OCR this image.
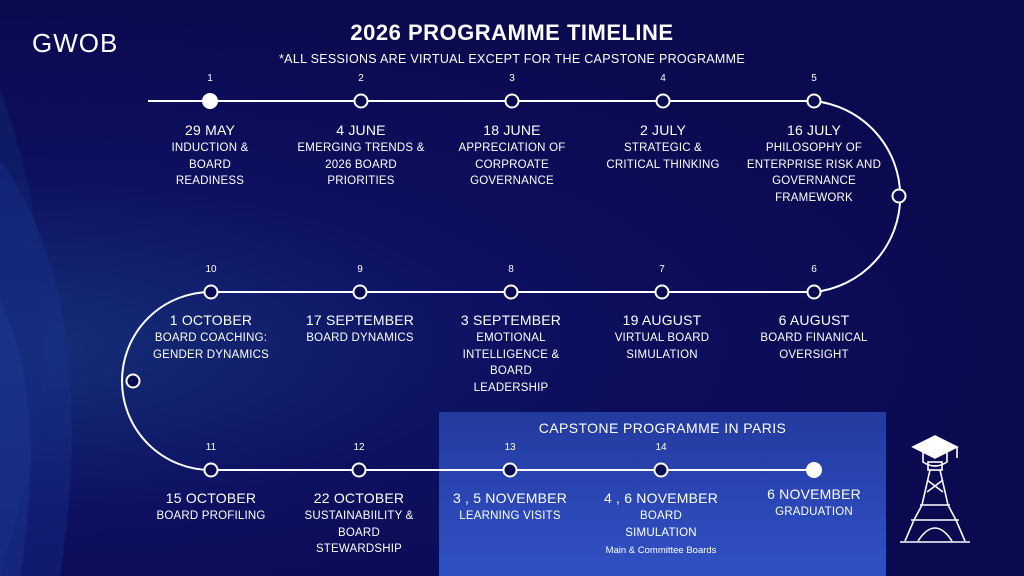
CAPSTONE PROGRAMME IN PARIS
GWOB	2026 PROGRAMME TIMELINE
*ALL SESSIONS ARE VIRTUAL EXCEPT FOR THE CAPSTONE PROGRAMME
1
29 MAY
INDUCTION & BOARD READINESS
2
4 JUNE
EMERGING TRENDS & 2026 BOARD PRIORITIES
3
18 JUNE
APPRECIATION OF CORPROATE GOVERNANCE
4
2 JULY
STRATEGIC & CRITICAL THINKING
5
16 JULY
PHILOSOPHY OF ENTERPRISE RISK AND GOVERNANCE FRAMEWORK
6
6 AUGUST
BOARD FINANICAL OVERSIGHT
7
19 AUGUST
VIRTUAL BOARD SIMULATION
8
3 SEPTEMBER
EMOTIONAL INTELLIGENCE & BOARD LEADERSHIP
9
17 SEPTEMBER
BOARD DYNAMICS
10
1 OCTOBER
BOARD COACHING: GENDER DYNAMICS
11
15 OCTOBER
BOARD PROFILING
12
22 OCTOBER
SUSTAINABIILITY & BOARD STEWARDSHIP
13
3 , 5 NOVEMBER
LEARNING VISITS
14
4 , 6 NOVEMBER
BOARD SIMULATION
Main & Committee Boards
6 NOVEMBER
GRADUATION
